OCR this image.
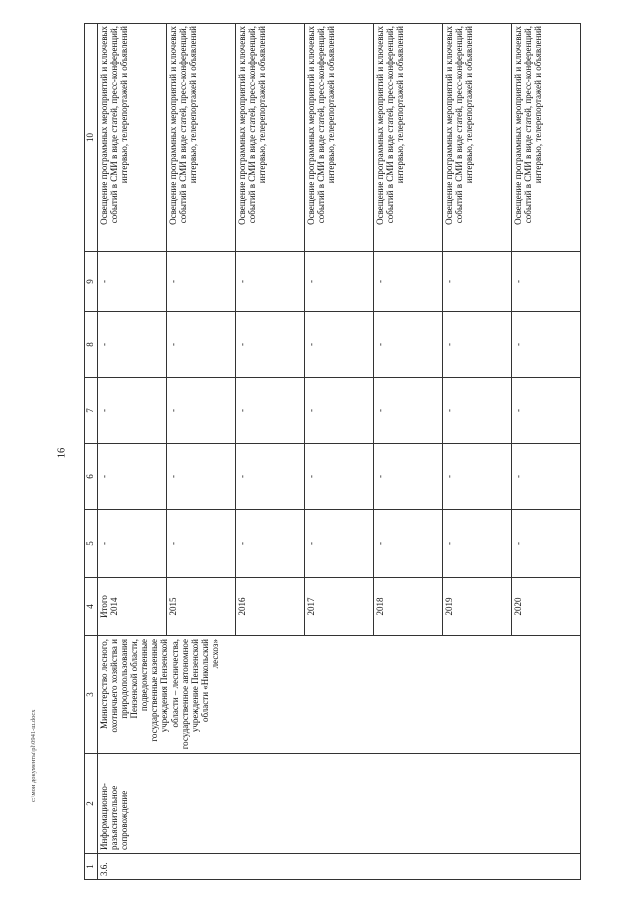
16
c:\мои документы\pl\0941-ш.docx
1	2	3	4	5	6	7	8	9	10
3.6.	Информационно-разъяснительное сопровождение	Министерство лесного, охотничьего хозяйства и природопользования Пензенской области, подведомственные государственные казенные учреждения Пензенской области – лесничества, государственное автономное учреждение Пензенской области «Никольский лесхоз»	Итого 2014	-	-	-	-	-	Освещение программных мероприятий и ключевых событий в СМИ в виде статей, пресс-конференций, интервью, телерепортажей и объявлений
			2015	-	-	-	-	-	Освещение программных мероприятий и ключевых событий в СМИ в виде статей, пресс-конференций, интервью, телерепортажей и объявлений
			2016	-	-	-	-	-	Освещение программных мероприятий и ключевых событий в СМИ в виде статей, пресс-конференций, интервью, телерепортажей и объявлений
			2017	-	-	-	-	-	Освещение программных мероприятий и ключевых событий в СМИ в виде статей, пресс-конференций, интервью, телерепортажей и объявлений
			2018	-	-	-	-	-	Освещение программных мероприятий и ключевых событий в СМИ в виде статей, пресс-конференций, интервью, телерепортажей и объявлений
			2019	-	-	-	-	-	Освещение программных мероприятий и ключевых событий в СМИ в виде статей, пресс-конференций, интервью, телерепортажей и объявлений
			2020	-	-	-	-	-	Освещение программных мероприятий и ключевых событий в СМИ в виде статей, пресс-конференций, интервью, телерепортажей и объявлений
